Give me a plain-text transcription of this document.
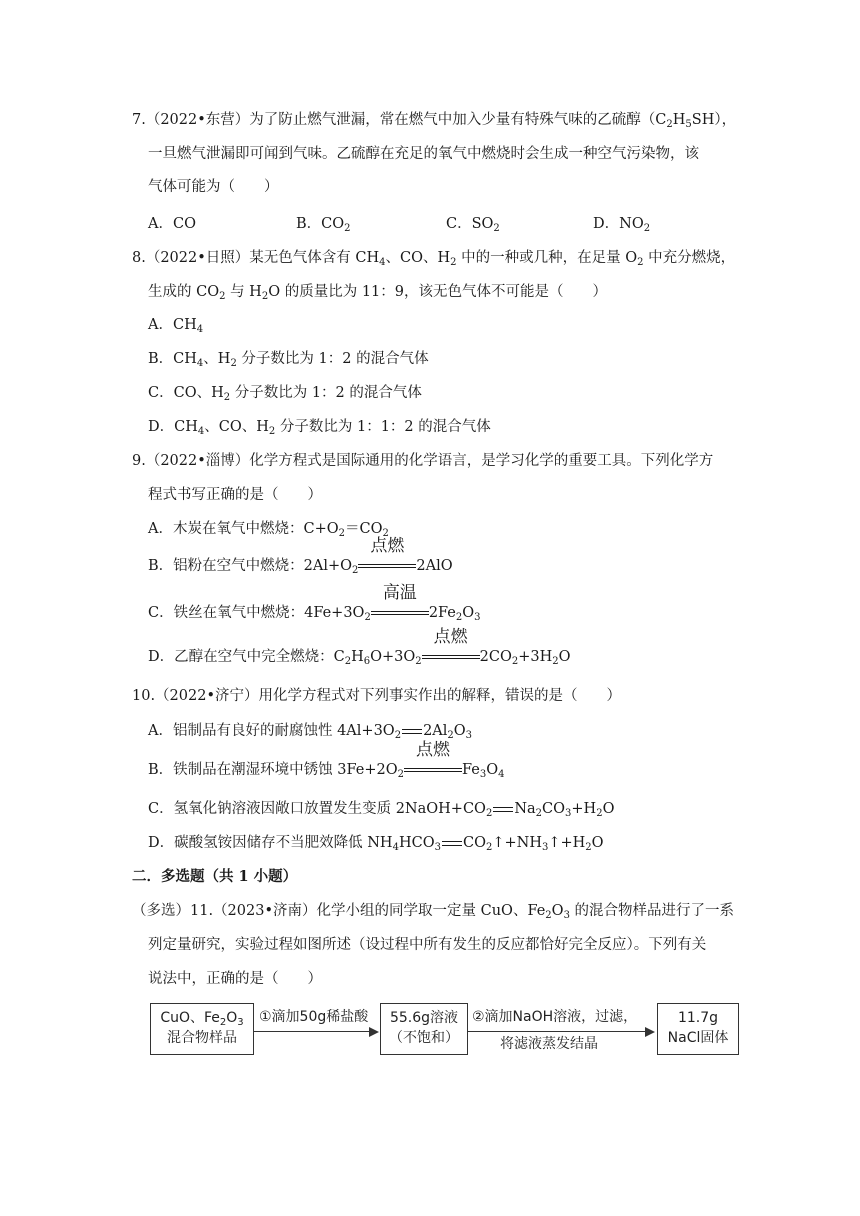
7.（2022•东营）为了防止燃气泄漏，常在燃气中加入少量有特殊气味的乙硫醇$(C_2H_5SH)$，
一旦燃气泄漏即可闻到气味。乙硫醇在充足的氧气中燃烧时会生成一种空气污染物，该
气体可能为（　　）
A．CO	B．$CO_2$	C．$SO_2$	D．$NO_2$
8.（2022•日照）某无色气体含有 $CH_4$、CO、$H_2$ 中的一种或几种，在足量 $O_2$ 中充分燃烧，
生成的 $CO_2$ 与 $H_2O$ 的质量比为 11：9，该无色气体不可能是（　　）
A．$CH_4$
B．$CH_4$、$H_2$ 分子数比为 1：2 的混合气体
C．CO、$H_2$ 分子数比为 1：2 的混合气体
D．$CH_4$、CO、$H_2$ 分子数比为 1：1：2 的混合气体
9.（2022•淄博）化学方程式是国际通用的化学语言，是学习化学的重要工具。下列化学方
程式书写正确的是（　　）
A．木炭在氧气中燃烧：$C+O_2=CO_2$
B．铝粉在空气中燃烧：$2Al+O_2$
点燃
2AlO
C．铁丝在氧气中燃烧：$4Fe+3O_2$
高温
$2Fe_2O_3$
D．乙醇在空气中完全燃烧：$C_2H_6O+3O_2$
点燃
$2CO_2+3H_2O$
10.（2022•济宁）用化学方程式对下列事实作出的解释，错误的是（　　）
A．铝制品有良好的耐腐蚀性 $4Al+3O_2$ $2Al_2O_3$
B．铁制品在潮湿环境中锈蚀 $3Fe+2O_2$
点燃
$Fe_3O_4$
C．氢氧化钠溶液因敞口放置发生变质 $2NaOH+CO_2$ $Na_2CO_3+H_2O$
D．碳酸氢铵因储存不当肥效降低 $NH_4HCO_3$ $CO_2↑+NH_3↑+H_2O$
二．多选题（共 1 小题）
（多选）11.（2023•济南）化学小组的同学取一定量 CuO、$Fe_2O_3$ 的混合物样品进行了一系
列定量研究，实验过程如图所述（设过程中所有发生的反应都恰好完全反应）。下列有关
说法中，正确的是（　　）
CuO、$Fe_2O_3$
混合物样品
①滴加50g稀盐酸	55.6g溶液
（不饱和）
②滴加NaOH溶液，过滤，
将滤液蒸发结晶
11.7g
NaCl固体
